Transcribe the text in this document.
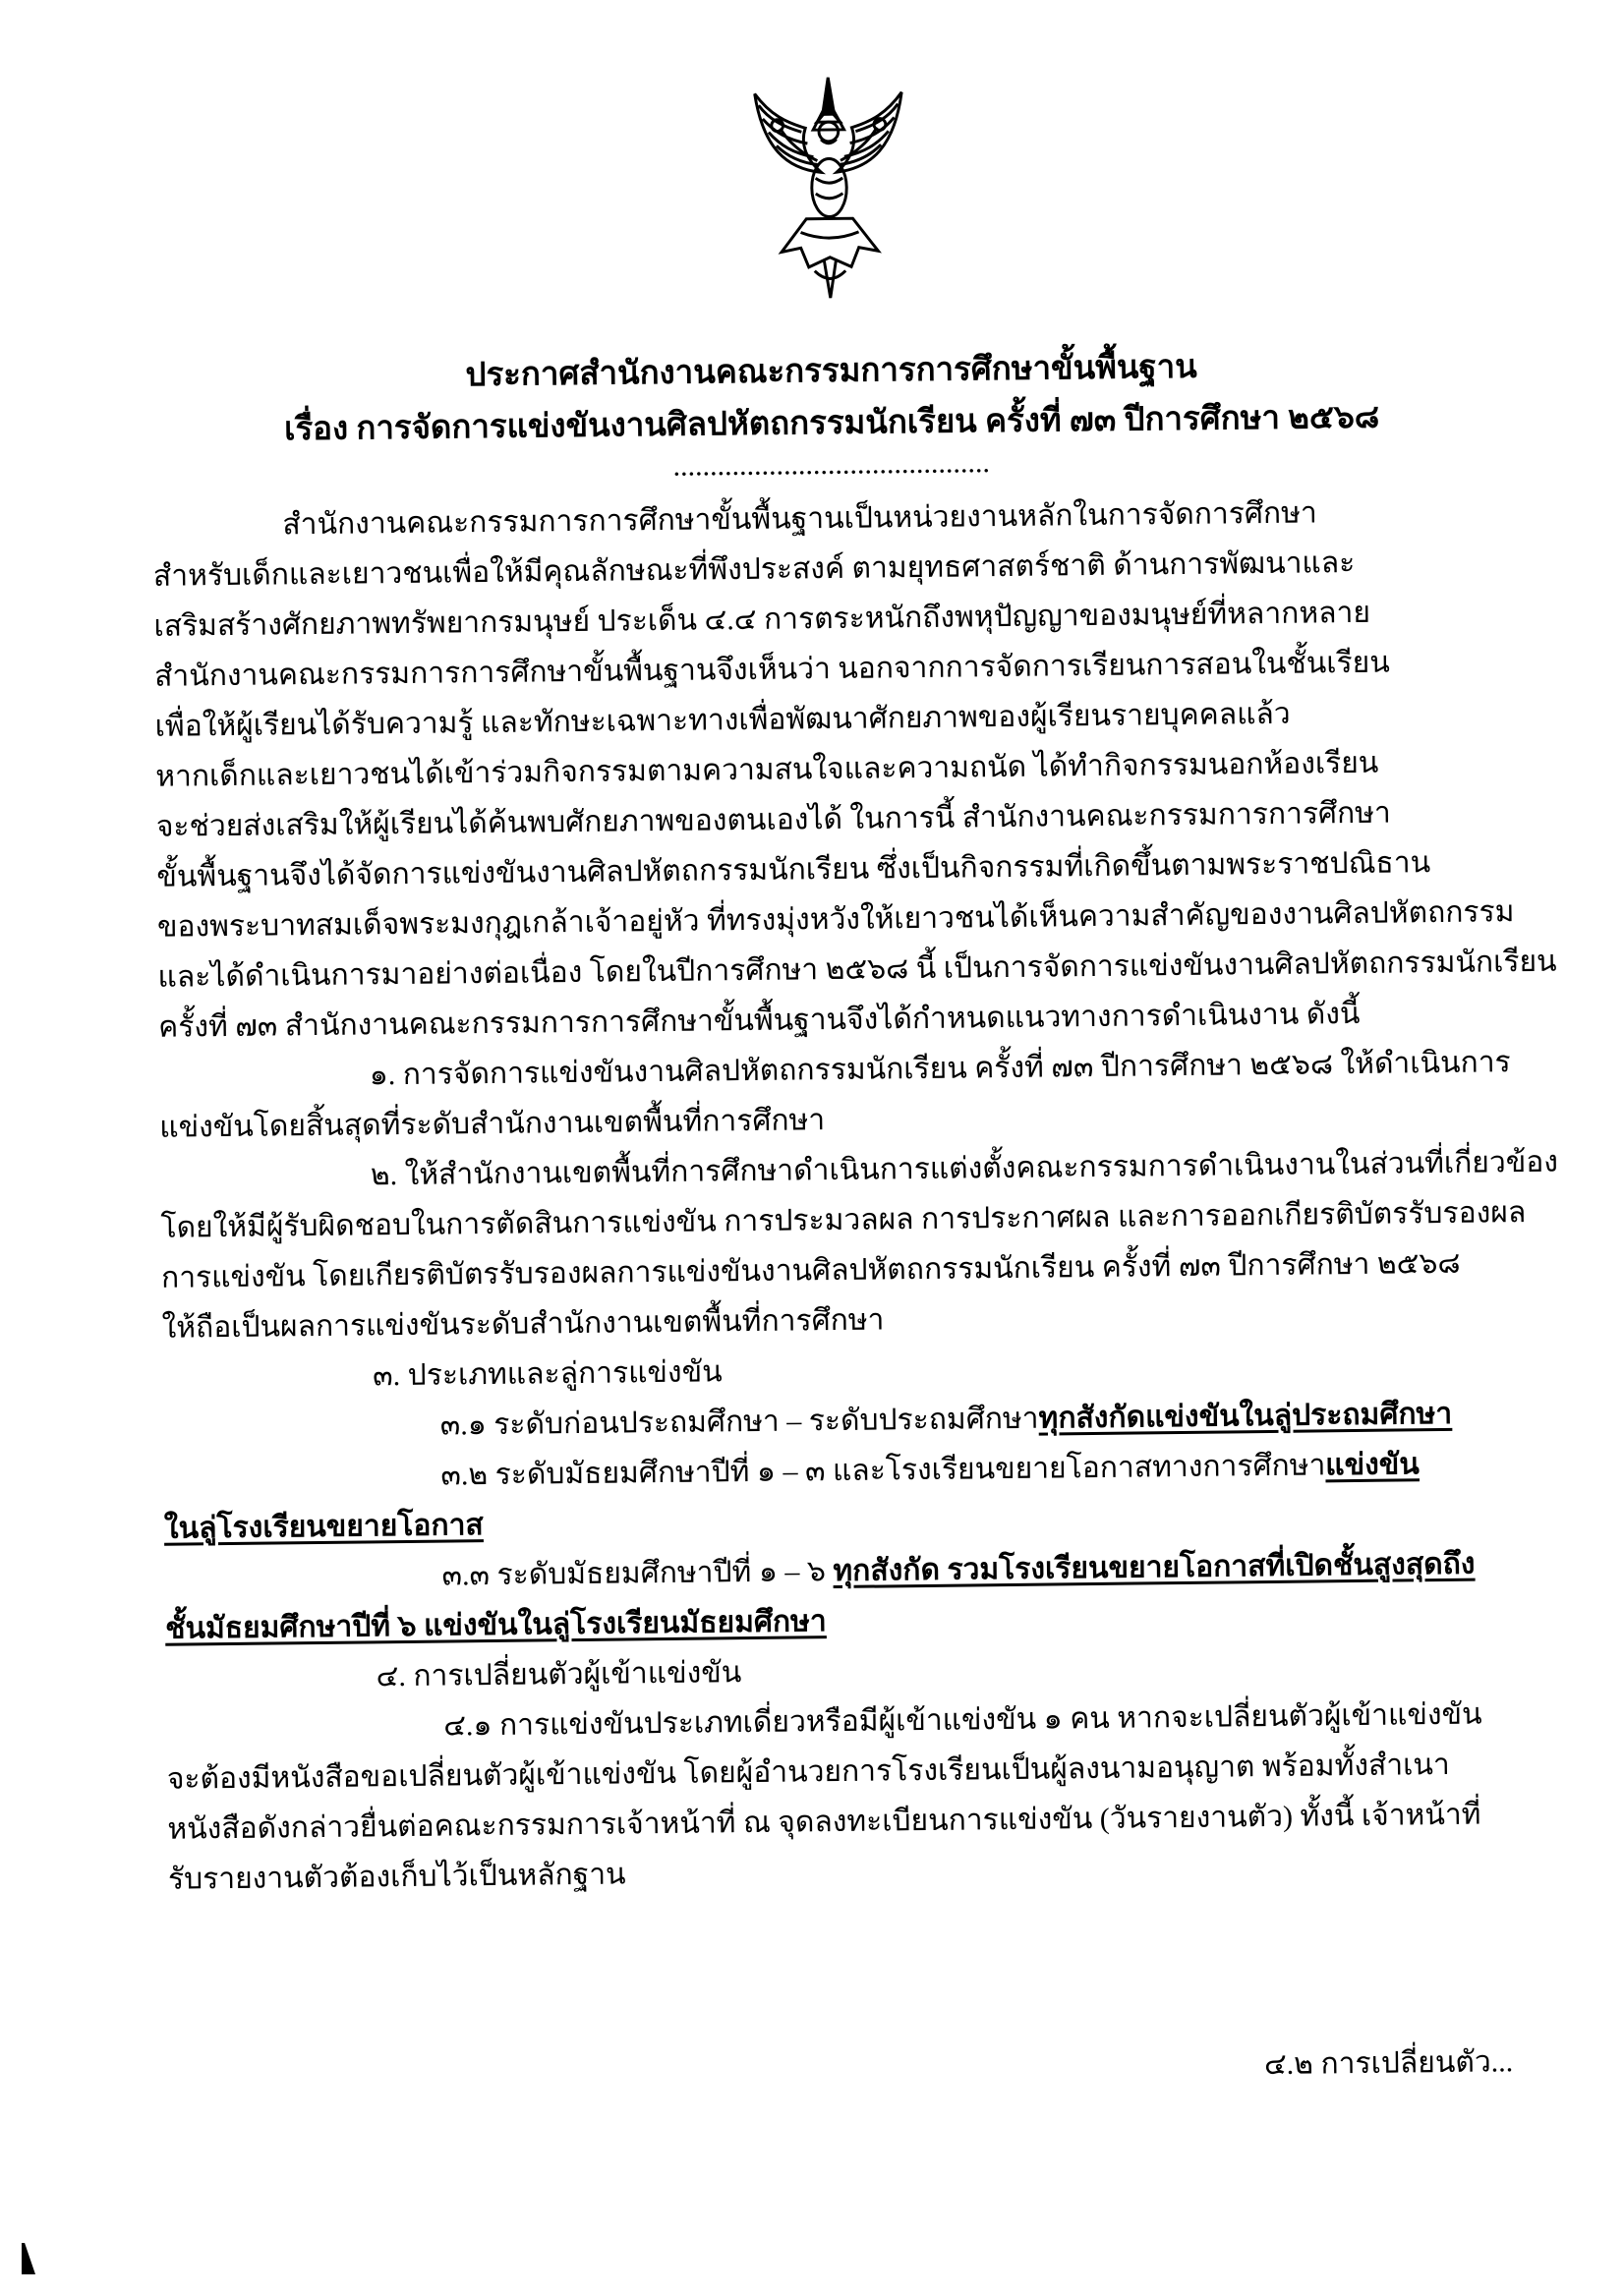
ประกาศสำนักงานคณะกรรมการการศึกษาขั้นพื้นฐาน
เรื่อง การจัดการแข่งขันงานศิลปหัตถกรรมนักเรียน ครั้งที่ ๗๓ ปีการศึกษา ๒๕๖๘
...........................................
สำนักงานคณะกรรมการการศึกษาขั้นพื้นฐานเป็นหน่วยงานหลักในการจัดการศึกษา
สำหรับเด็กและเยาวชนเพื่อให้มีคุณลักษณะที่พึงประสงค์ ตามยุทธศาสตร์ชาติ ด้านการพัฒนาและ
เสริมสร้างศักยภาพทรัพยากรมนุษย์ ประเด็น ๔.๔ การตระหนักถึงพหุปัญญาของมนุษย์ที่หลากหลาย
สำนักงานคณะกรรมการการศึกษาขั้นพื้นฐานจึงเห็นว่า นอกจากการจัดการเรียนการสอนในชั้นเรียน
เพื่อให้ผู้เรียนได้รับความรู้ และทักษะเฉพาะทางเพื่อพัฒนาศักยภาพของผู้เรียนรายบุคคลแล้ว
หากเด็กและเยาวชนได้เข้าร่วมกิจกรรมตามความสนใจและความถนัด ได้ทำกิจกรรมนอกห้องเรียน
จะช่วยส่งเสริมให้ผู้เรียนได้ค้นพบศักยภาพของตนเองได้ ในการนี้ สำนักงานคณะกรรมการการศึกษา
ขั้นพื้นฐานจึงได้จัดการแข่งขันงานศิลปหัตถกรรมนักเรียน ซึ่งเป็นกิจกรรมที่เกิดขึ้นตามพระราชปณิธาน
ของพระบาทสมเด็จพระมงกุฎเกล้าเจ้าอยู่หัว ที่ทรงมุ่งหวังให้เยาวชนได้เห็นความสำคัญของงานศิลปหัตถกรรม
และได้ดำเนินการมาอย่างต่อเนื่อง โดยในปีการศึกษา ๒๕๖๘ นี้ เป็นการจัดการแข่งขันงานศิลปหัตถกรรมนักเรียน
ครั้งที่ ๗๓ สำนักงานคณะกรรมการการศึกษาขั้นพื้นฐานจึงได้กำหนดแนวทางการดำเนินงาน ดังนี้
๑. การจัดการแข่งขันงานศิลปหัตถกรรมนักเรียน ครั้งที่ ๗๓ ปีการศึกษา ๒๕๖๘ ให้ดำเนินการ
แข่งขันโดยสิ้นสุดที่ระดับสำนักงานเขตพื้นที่การศึกษา
๒. ให้สำนักงานเขตพื้นที่การศึกษาดำเนินการแต่งตั้งคณะกรรมการดำเนินงานในส่วนที่เกี่ยวข้อง
โดยให้มีผู้รับผิดชอบในการตัดสินการแข่งขัน การประมวลผล การประกาศผล และการออกเกียรติบัตรรับรองผล
การแข่งขัน โดยเกียรติบัตรรับรองผลการแข่งขันงานศิลปหัตถกรรมนักเรียน ครั้งที่ ๗๓ ปีการศึกษา ๒๕๖๘
ให้ถือเป็นผลการแข่งขันระดับสำนักงานเขตพื้นที่การศึกษา
๓. ประเภทและลู่การแข่งขัน
๓.๑ ระดับก่อนประถมศึกษา – ระดับประถมศึกษาทุกสังกัดแข่งขันในลู่ประถมศึกษา
๓.๒ ระดับมัธยมศึกษาปีที่ ๑ – ๓ และโรงเรียนขยายโอกาสทางการศึกษาแข่งขัน
ในลู่โรงเรียนขยายโอกาส
๓.๓ ระดับมัธยมศึกษาปีที่ ๑ – ๖ ทุกสังกัด รวมโรงเรียนขยายโอกาสที่เปิดชั้นสูงสุดถึง
ชั้นมัธยมศึกษาปีที่ ๖ แข่งขันในลู่โรงเรียนมัธยมศึกษา
๔. การเปลี่ยนตัวผู้เข้าแข่งขัน
๔.๑ การแข่งขันประเภทเดี่ยวหรือมีผู้เข้าแข่งขัน ๑ คน หากจะเปลี่ยนตัวผู้เข้าแข่งขัน
จะต้องมีหนังสือขอเปลี่ยนตัวผู้เข้าแข่งขัน โดยผู้อำนวยการโรงเรียนเป็นผู้ลงนามอนุญาต พร้อมทั้งสำเนา
หนังสือดังกล่าวยื่นต่อคณะกรรมการเจ้าหน้าที่ ณ จุดลงทะเบียนการแข่งขัน (วันรายงานตัว) ทั้งนี้ เจ้าหน้าที่
รับรายงานตัวต้องเก็บไว้เป็นหลักฐาน
๔.๒ การเปลี่ยนตัว...
